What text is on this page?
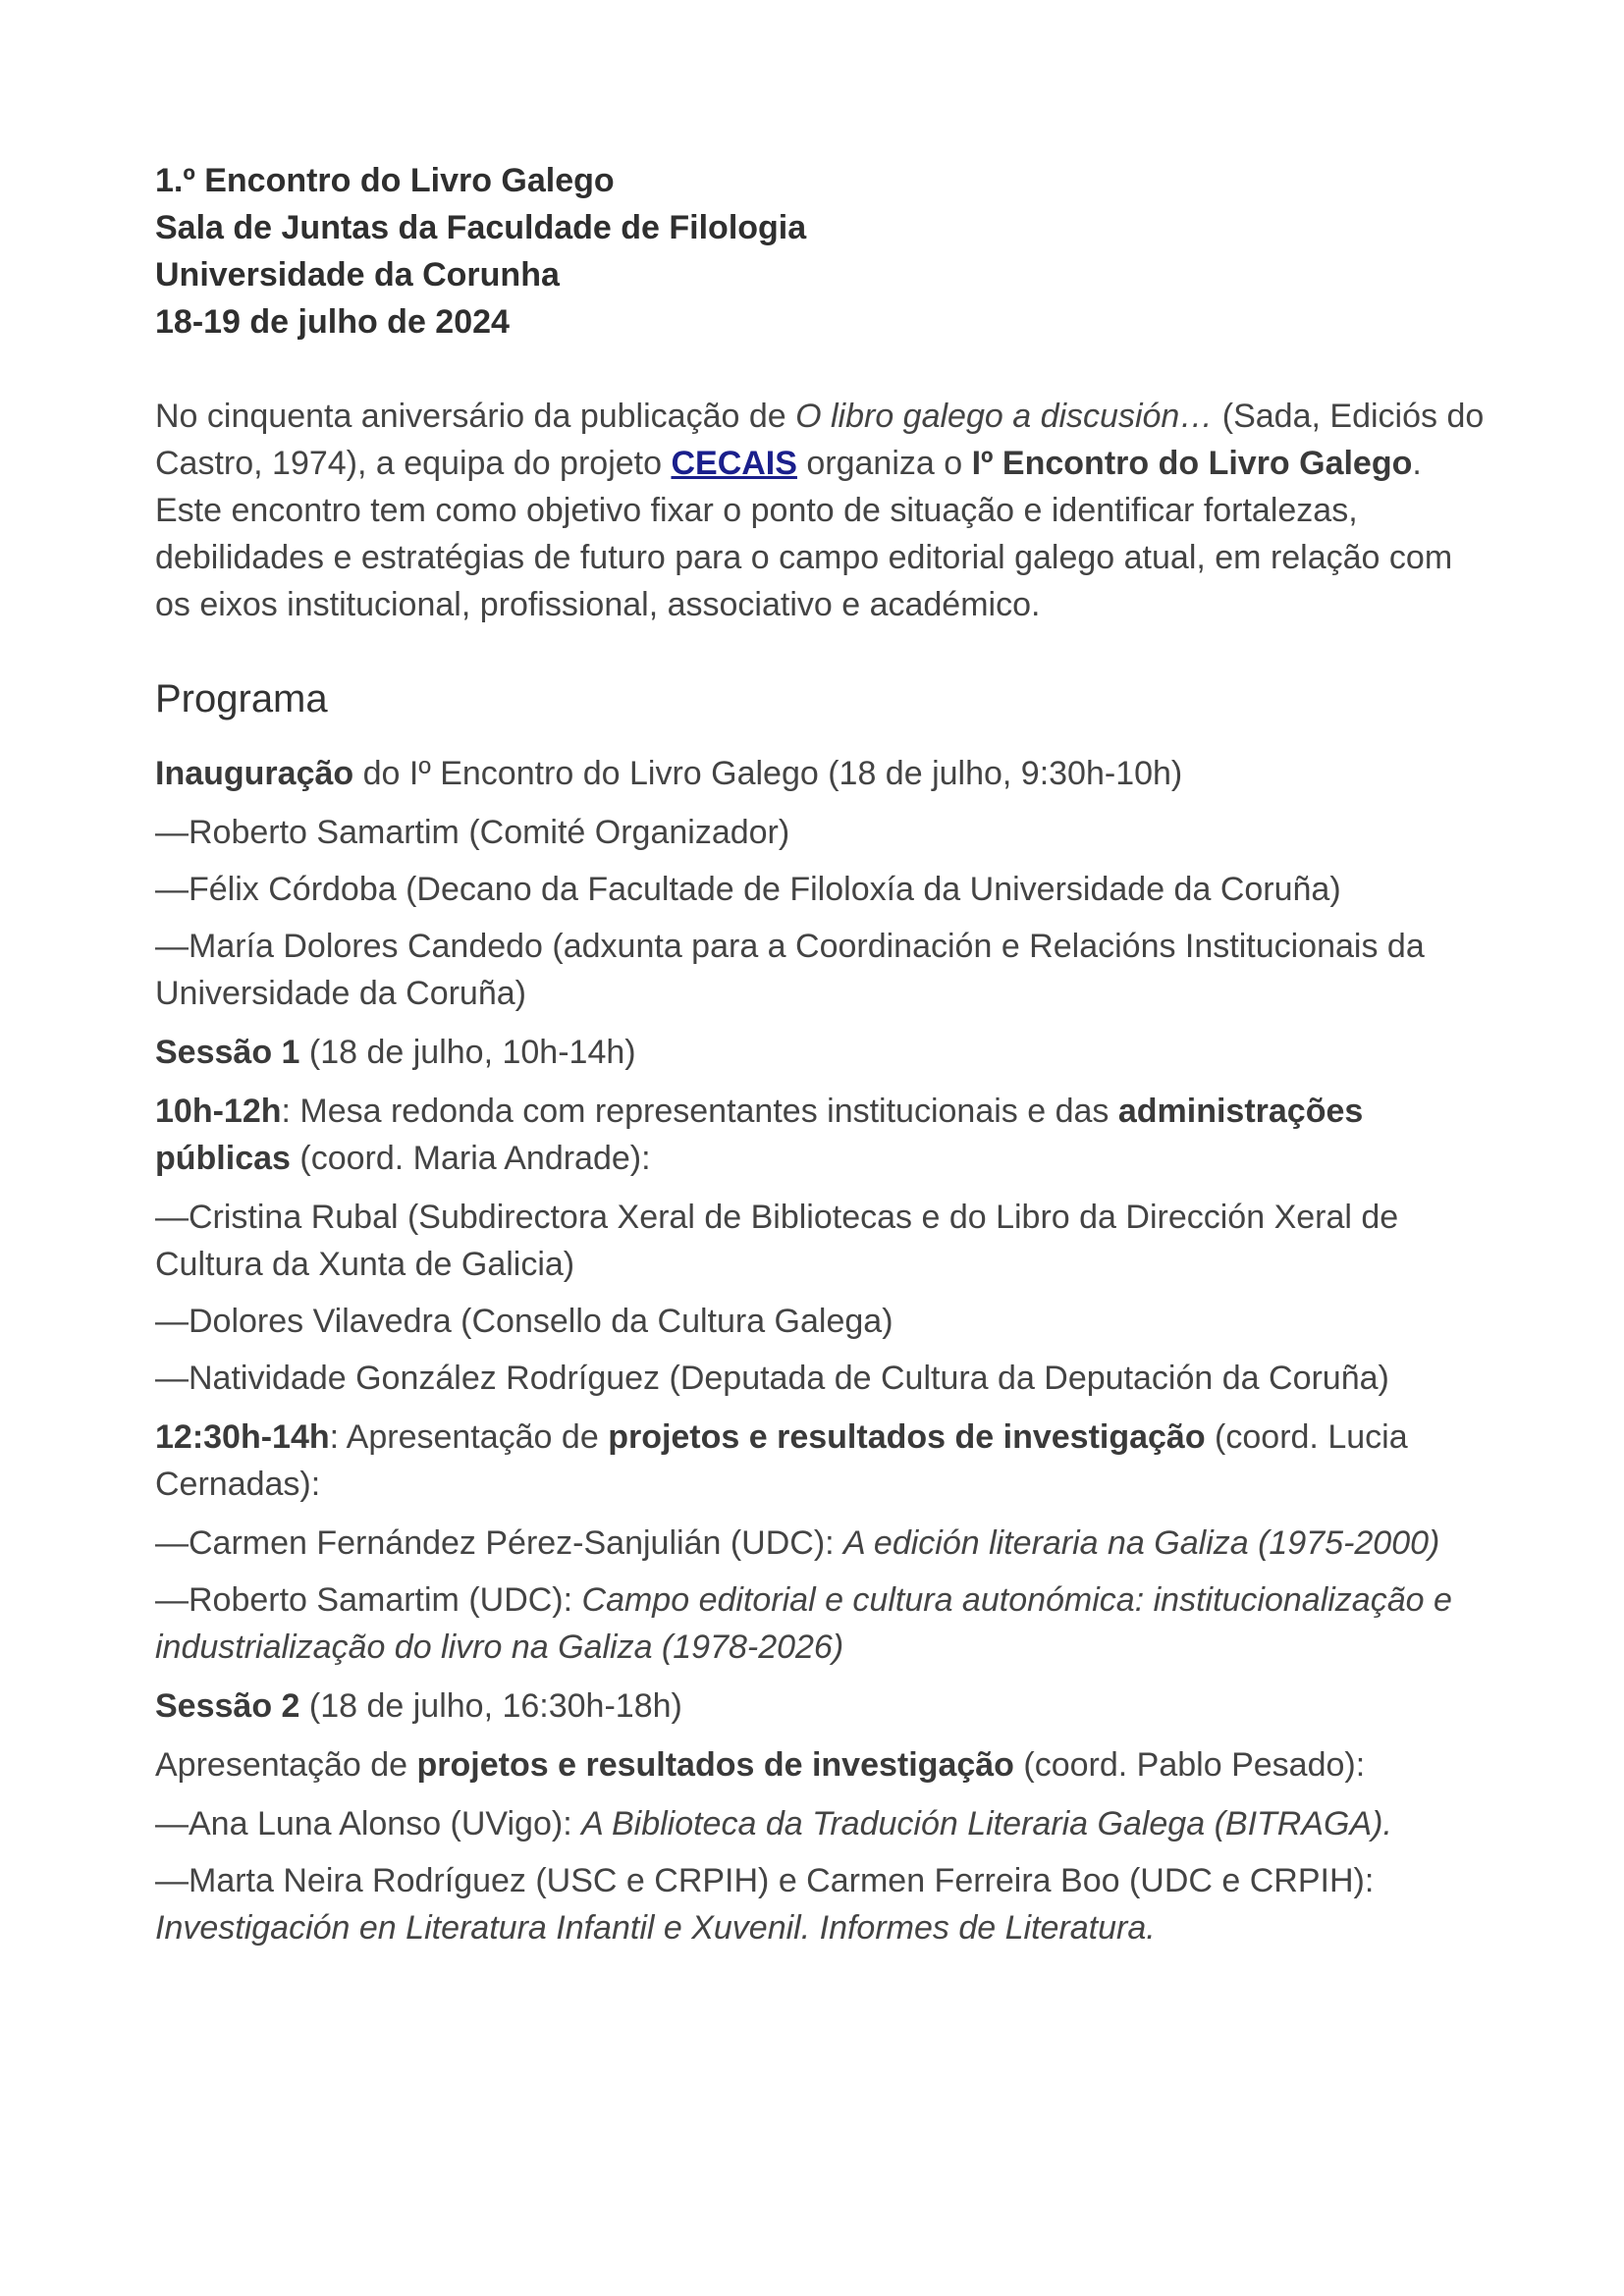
1.º Encontro do Livro Galego
Sala de Juntas da Faculdade de Filologia
Universidade da Corunha
18-19 de julho de 2024

No cinquenta aniversário da publicação de O libro galego a discusión… (Sada, Ediciós do Castro, 1974), a equipa do projeto CECAIS organiza o Iº Encontro do Livro Galego. Este encontro tem como objetivo fixar o ponto de situação e identificar fortalezas, debilidades e estratégias de futuro para o campo editorial galego atual, em relação com os eixos institucional, profissional, associativo e académico.

Programa

Inauguração do Iº Encontro do Livro Galego (18 de julho, 9:30h-10h)

—Roberto Samartim (Comité Organizador)

—Félix Córdoba (Decano da Facultade de Filoloxía da Universidade da Coruña)

—María Dolores Candedo (adxunta para a Coordinación e Relacións Institucionais da Universidade da Coruña)

Sessão 1 (18 de julho, 10h-14h)

10h-12h: Mesa redonda com representantes institucionais e das administrações públicas (coord. Maria Andrade):

—Cristina Rubal (Subdirectora Xeral de Bibliotecas e do Libro da Dirección Xeral de Cultura da Xunta de Galicia)

—Dolores Vilavedra (Consello da Cultura Galega)

—Natividade González Rodríguez (Deputada de Cultura da Deputación da Coruña)

12:30h-14h: Apresentação de projetos e resultados de investigação (coord. Lucia Cernadas):

—Carmen Fernández Pérez-Sanjulián (UDC): A edición literaria na Galiza (1975-2000)

—Roberto Samartim (UDC): Campo editorial e cultura autonómica: institucionalização e industrialização do livro na Galiza (1978-2026)

Sessão 2 (18 de julho, 16:30h-18h)

Apresentação de projetos e resultados de investigação (coord. Pablo Pesado):

—Ana Luna Alonso (UVigo): A Biblioteca da Tradución Literaria Galega (BITRAGA).

—Marta Neira Rodríguez (USC e CRPIH) e Carmen Ferreira Boo (UDC e CRPIH): Investigación en Literatura Infantil e Xuvenil. Informes de Literatura.
